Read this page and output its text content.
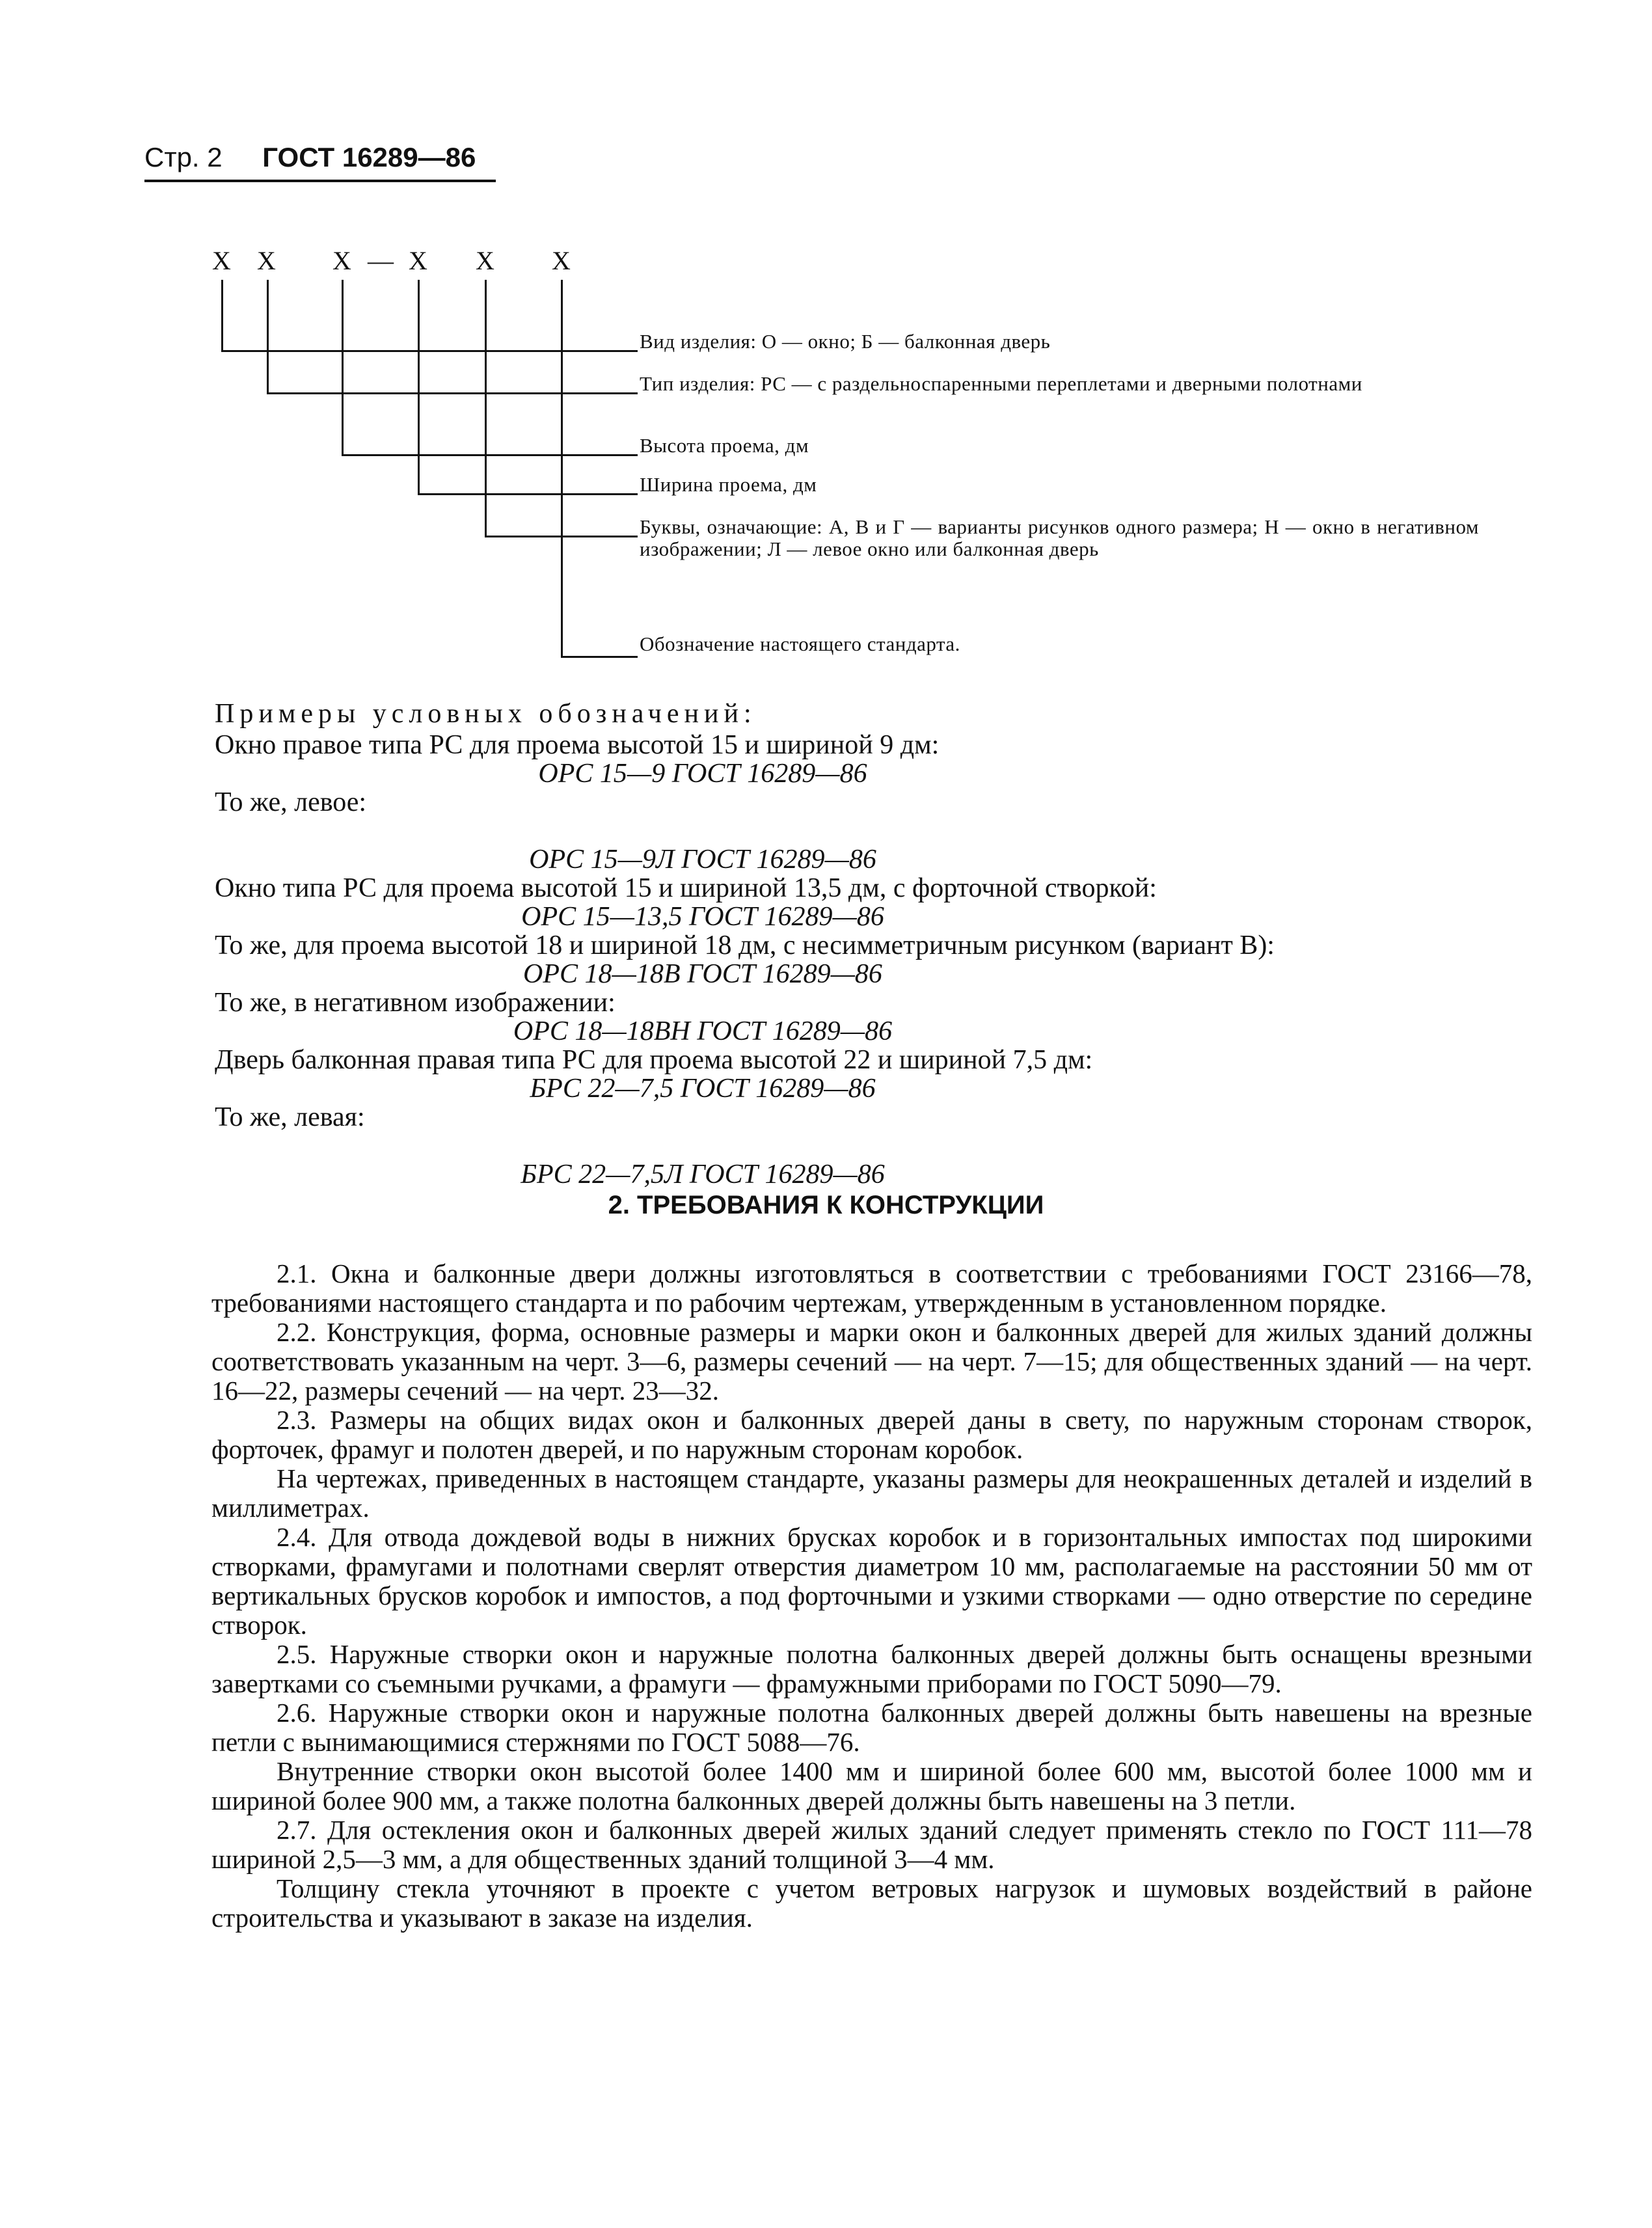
Стр. 2 ГОСТ 16289—86
X X X — X X X
Вид изделия: О — окно; Б — балконная дверь
Тип изделия: РС — с раздельноспаренными переплетами и дверными полотнами
Высота проема, дм
Ширина проема, дм
Буквы, означающие: А, В и Г — варианты рисунков одного размера; Н — окно в негативном изображении; Л — левое окно или балконная дверь
Обозначение настоящего стандарта.
Примеры условных обозначений:
Окно правое типа РС для проема высотой 15 и шириной 9 дм:
ОРС 15—9 ГОСТ 16289—86
То же, левое:
ОРС 15—9Л ГОСТ 16289—86
Окно типа РС для проема высотой 15 и шириной 13,5 дм, с форточной створкой:
ОРС 15—13,5 ГОСТ 16289—86
То же, для проема высотой 18 и шириной 18 дм, с несимметричным рисунком (вариант В):
ОРС 18—18В ГОСТ 16289—86
То же, в негативном изображении:
ОРС 18—18ВН ГОСТ 16289—86
Дверь балконная правая типа РС для проема высотой 22 и шириной 7,5 дм:
БРС 22—7,5 ГОСТ 16289—86
То же, левая:
БРС 22—7,5Л ГОСТ 16289—86
2. ТРЕБОВАНИЯ К КОНСТРУКЦИИ

2.1. Окна и балконные двери должны изготовляться в соответствии с требованиями ГОСТ 23166—78, требованиями настоящего стандарта и по рабочим чертежам, утвержденным в установленном порядке.

2.2. Конструкция, форма, основные размеры и марки окон и балконных дверей для жилых зданий должны соответствовать указанным на черт. 3—6, размеры сечений — на черт. 7—15; для общественных зданий — на черт. 16—22, размеры сечений — на черт. 23—32.

2.3. Размеры на общих видах окон и балконных дверей даны в свету, по наружным сторонам створок, форточек, фрамуг и полотен дверей, и по наружным сторонам коробок.

На чертежах, приведенных в настоящем стандарте, указаны размеры для неокрашенных деталей и изделий в миллиметрах.

2.4. Для отвода дождевой воды в нижних брусках коробок и в горизонтальных импостах под широкими створками, фрамугами и полотнами сверлят отверстия диаметром 10 мм, располагаемые на расстоянии 50 мм от вертикальных брусков коробок и импостов, а под форточными и узкими створками — одно отверстие по середине створок.

2.5. Наружные створки окон и наружные полотна балконных дверей должны быть оснащены врезными завертками со съемными ручками, а фрамуги — фрамужными приборами по ГОСТ 5090—79.

2.6. Наружные створки окон и наружные полотна балконных дверей должны быть навешены на врезные петли с вынимающимися стержнями по ГОСТ 5088—76.

Внутренние створки окон высотой более 1400 мм и шириной более 600 мм, высотой более 1000 мм и шириной более 900 мм, а также полотна балконных дверей должны быть навешены на 3 петли.

2.7. Для остекления окон и балконных дверей жилых зданий следует применять стекло по ГОСТ 111—78 шириной 2,5—3 мм, а для общественных зданий толщиной 3—4 мм.

Толщину стекла уточняют в проекте с учетом ветровых нагрузок и шумовых воздействий в районе строительства и указывают в заказе на изделия.
